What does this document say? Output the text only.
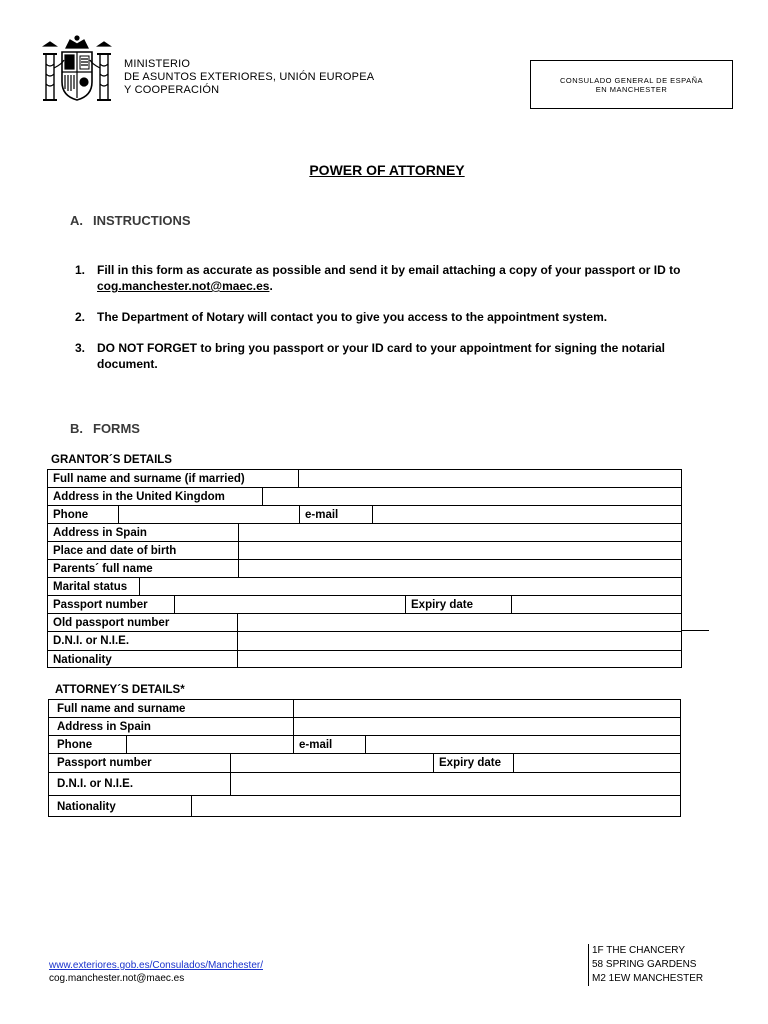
MINISTERIO
DE ASUNTOS EXTERIORES, UNIÓN EUROPEA
Y COOPERACIÓN
CONSULADO GENERAL DE ESPAÑA
EN MANCHESTER
POWER OF ATTORNEY
A. INSTRUCTIONS
1. Fill in this form as accurate as possible and send it by email attaching a copy of your passport or ID to cog.manchester.not@maec.es.
2. The Department of Notary will contact you to give you access to the appointment system.
3. DO NOT FORGET to bring you passport or your ID card to your appointment for signing the notarial document.
B. FORMS
GRANTOR´S DETAILS
Full name and surname (if married)
Address in the United Kingdom
Phone	e-mail
Address in Spain
Place and date of birth
Parents´ full name
Marital status
Passport number	Expiry date
Old passport number
D.N.I. or N.I.E.
Nationality
ATTORNEY´S DETAILS*
Full name and surname
Address in Spain
Phone	e-mail
Passport number	Expiry date
D.N.I. or N.I.E.
Nationality
www.exteriores.gob.es/Consulados/Manchester/
cog.manchester.not@maec.es
1F THE CHANCERY
58 SPRING GARDENS
M2 1EW MANCHESTER
